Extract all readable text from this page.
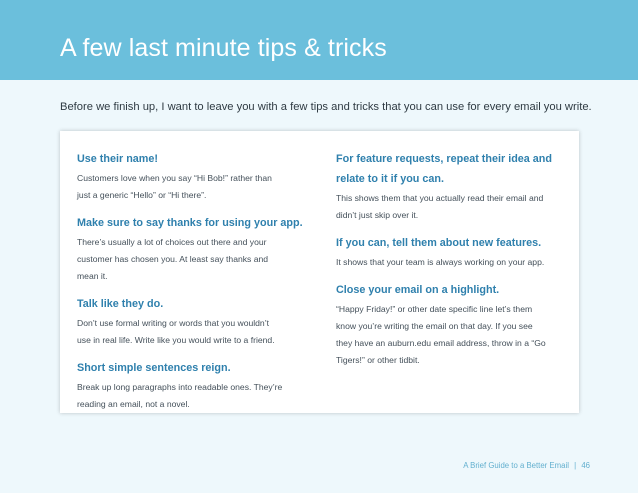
A few last minute tips & tricks
Before we finish up, I want to leave you with a few tips and tricks that you can use for every email you write.
Use their name!
Customers love when you say “Hi Bob!” rather than
just a generic “Hello” or “Hi there”.
Make sure to say thanks for using your app.
There’s usually a lot of choices out there and your
customer has chosen you. At least say thanks and
mean it.
Talk like they do.
Don’t use formal writing or words that you wouldn’t
use in real life. Write like you would write to a friend.
Short simple sentences reign.
Break up long paragraphs into readable ones. They’re
reading an email, not a novel.
For feature requests, repeat their idea and
relate to it if you can.
This shows them that you actually read their email and
didn’t just skip over it.
If you can, tell them about new features.
It shows that your team is always working on your app.
Close your email on a highlight.
“Happy Friday!” or other date specific line let’s them
know you’re writing the email on that day. If you see
they have an auburn.edu email address, throw in a “Go
Tigers!” or other tidbit.
A Brief Guide to a Better Email | 46
